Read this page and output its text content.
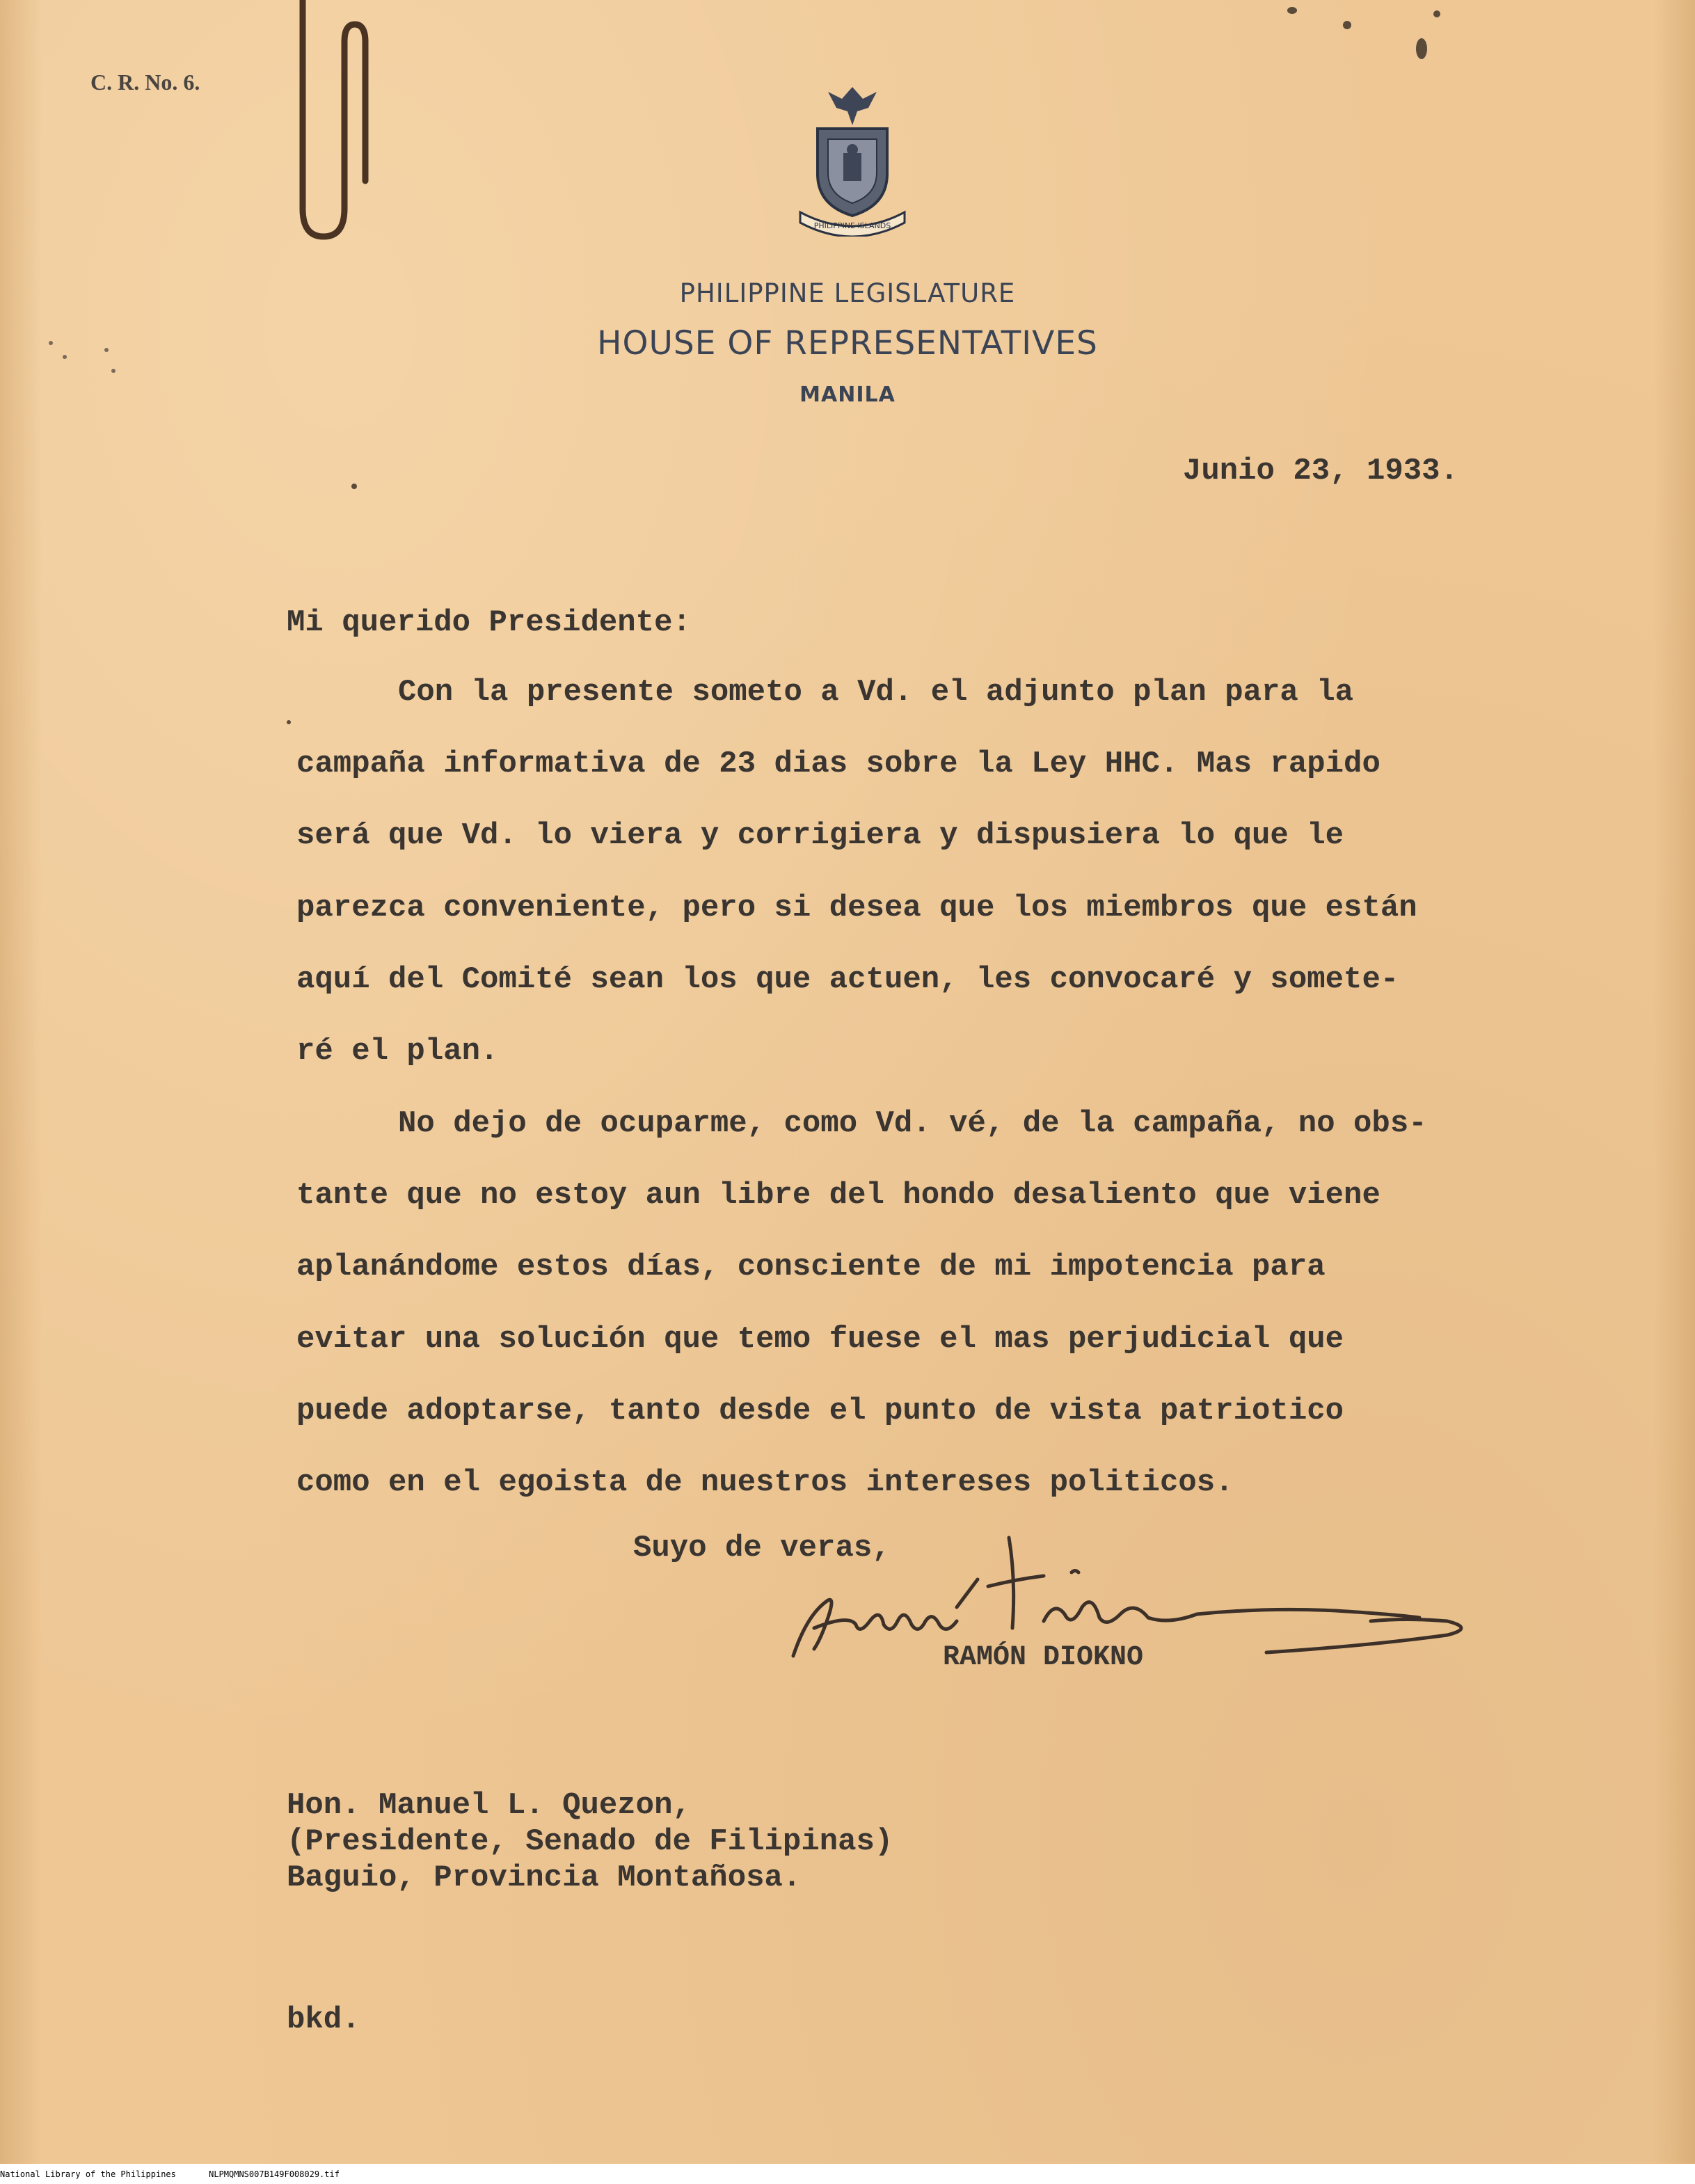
C. R. No. 6.
PHILIPPINE ISLANDS
PHILIPPINE LEGISLATURE
HOUSE OF REPRESENTATIVES
MANILA
Junio 23, 1933.
Mi querido Presidente:
Con la presente someto a Vd. el adjunto plan para la
campaña informativa de 23 dias sobre la Ley HHC. Mas rapido
será que Vd. lo viera y corrigiera y dispusiera lo que le
parezca conveniente, pero si desea que los miembros que están
aquí del Comité sean los que actuen, les convocaré y somete-
ré el plan.
No dejo de ocuparme, como Vd. vé, de la campaña, no obs-
tante que no estoy aun libre del hondo desaliento que viene
aplanándome estos días, consciente de mi impotencia para
evitar una solución que temo fuese el mas perjudicial que
puede adoptarse, tanto desde el punto de vista patriotico
como en el egoista de nuestros intereses politicos.
Suyo de veras,
RAMÓN DIOKNO
Hon. Manuel L. Quezon,
(Presidente, Senado de Filipinas)
Baguio, Provincia Montañosa.
bkd.
National Library of the Philippines	NLPMQMNS007B149F008029.tif
